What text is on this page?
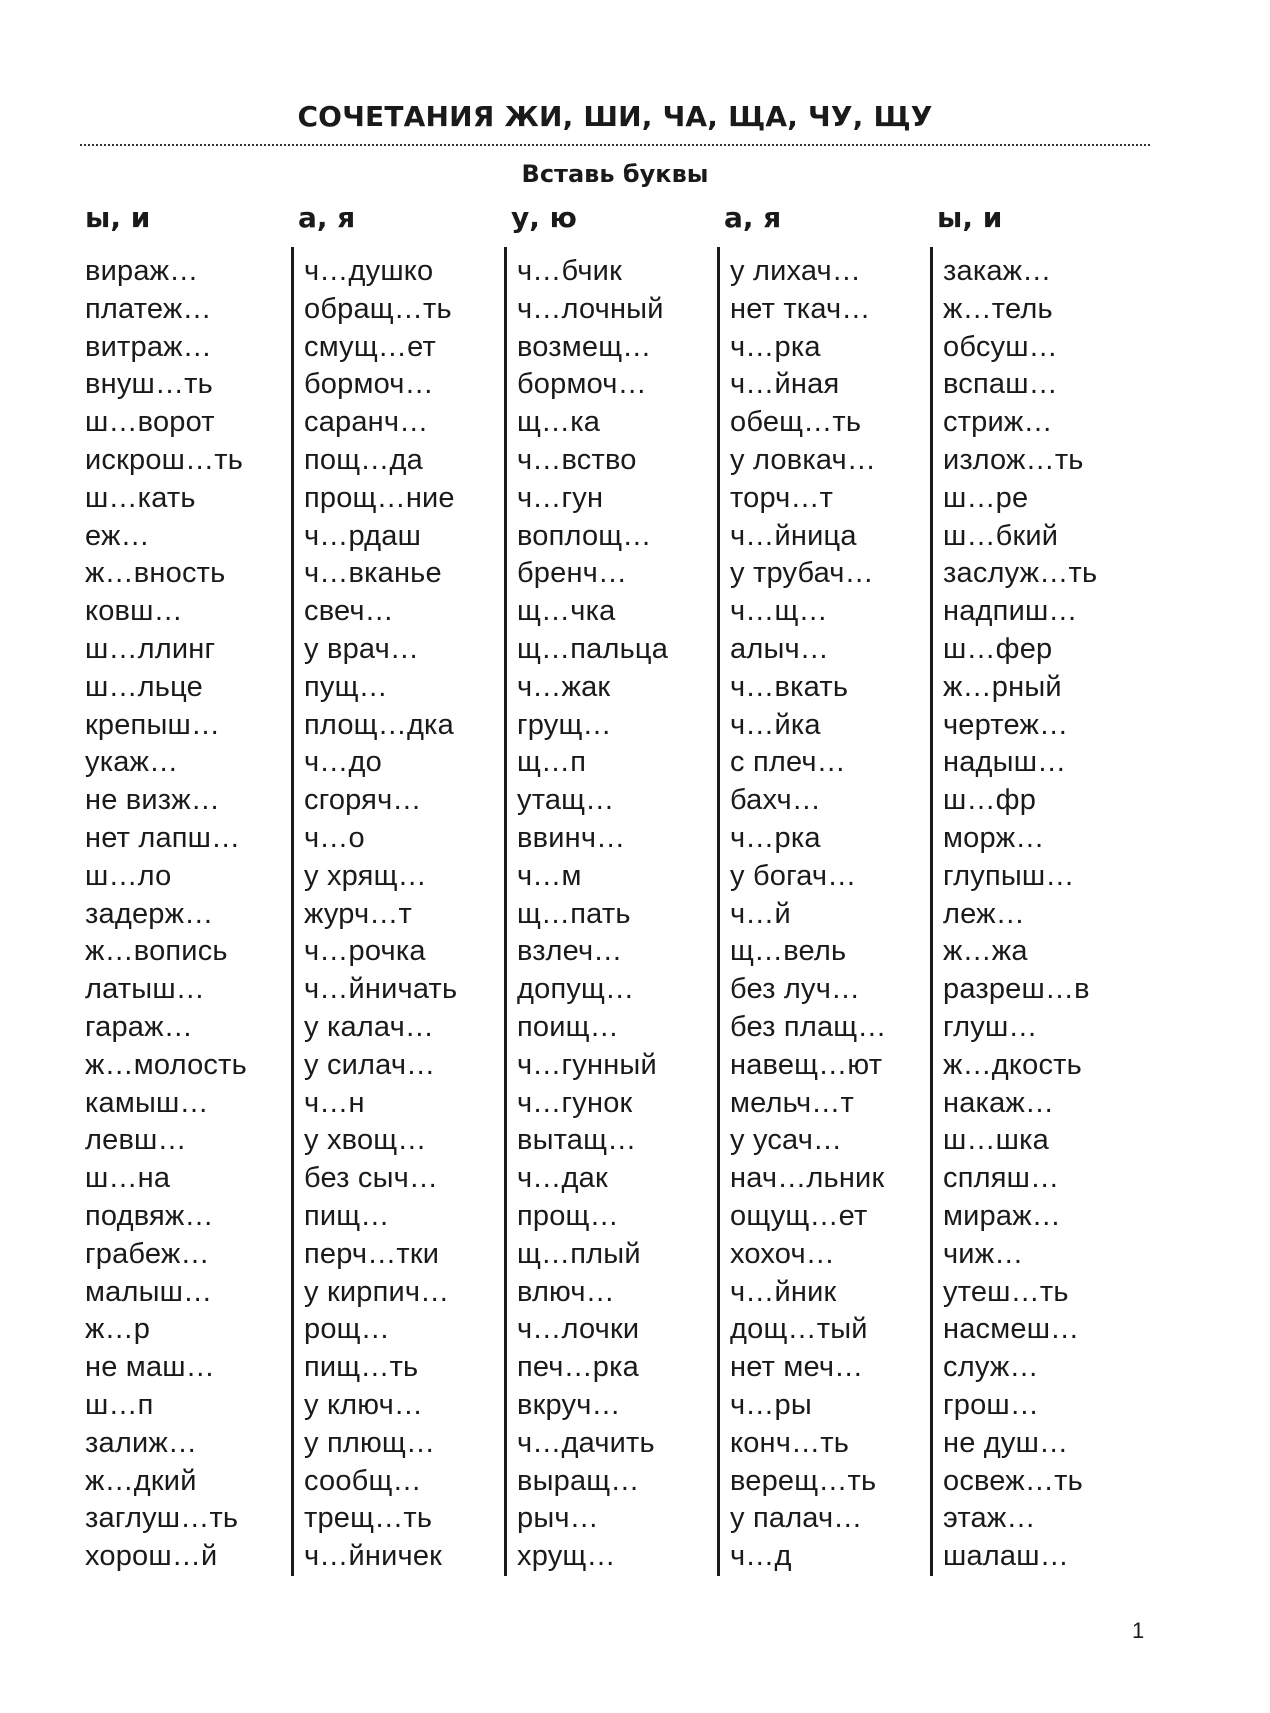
СОЧЕТАНИЯ ЖИ, ШИ, ЧА, ЩА, ЧУ, ЩУ
Вставь буквы
ы, и
вираж…
платеж…
витраж…
внуш…ть
ш…ворот
искрош…ть
ш…кать
еж…
ж…вность
ковш…
ш…ллинг
ш…льце
крепыш…
укаж…
не визж…
нет лапш…
ш…ло
задерж…
ж…вопись
латыш…
гараж…
ж…молость
камыш…
левш…
ш…на
подвяж…
грабеж…
малыш…
ж…р
не маш…
ш…п
залиж…
ж…дкий
заглуш…ть
хорош…й
а, я
ч…душко
обращ…ть
смущ…ет
бормоч…
саранч…
пощ…да
прощ…ние
ч…рдаш
ч…вканье
свеч…
у врач…
пущ…
площ…дка
ч…до
сгоряч…
ч…о
у хрящ…
журч…т
ч…рочка
ч…йничать
у калач…
у силач…
ч…н
у хвощ…
без сыч…
пищ…
перч…тки
у кирпич…
рощ…
пищ…ть
у ключ…
у плющ…
сообщ…
трещ…ть
ч…йничек
у, ю
ч…бчик
ч…лочный
возмещ…
бормоч…
щ…ка
ч…вство
ч…гун
воплощ…
бренч…
щ…чка
щ…пальца
ч…жак
грущ…
щ…п
утащ…
ввинч…
ч…м
щ…пать
взлеч…
допущ…
поищ…
ч…гунный
ч…гунок
вытащ…
ч…дак
прощ…
щ…плый
влюч…
ч…лочки
печ…рка
вкруч…
ч…дачить
выращ…
рыч…
хрущ…
а, я
у лихач…
нет ткач…
ч…рка
ч…йная
обещ…ть
у ловкач…
торч…т
ч…йница
у трубач…
ч…щ…
алыч…
ч…вкать
ч…йка
с плеч…
бахч…
ч…рка
у богач…
ч…й
щ…вель
без луч…
без плащ…
навещ…ют
мельч…т
у усач…
нач…льник
ощущ…ет
хохоч…
ч…йник
дощ…тый
нет меч…
ч…ры
конч…ть
верещ…ть
у палач…
ч…д
ы, и
закаж…
ж…тель
обсуш…
вспаш…
стриж…
излож…ть
ш…ре
ш…бкий
заслуж…ть
надпиш…
ш…фер
ж…рный
чертеж…
надыш…
ш…фр
морж…
глупыш…
леж…
ж…жа
разреш…в
глуш…
ж…дкость
накаж…
ш…шка
спляш…
мираж…
чиж…
утеш…ть
насмеш…
служ…
грош…
не душ…
освеж…ть
этаж…
шалаш…
1
